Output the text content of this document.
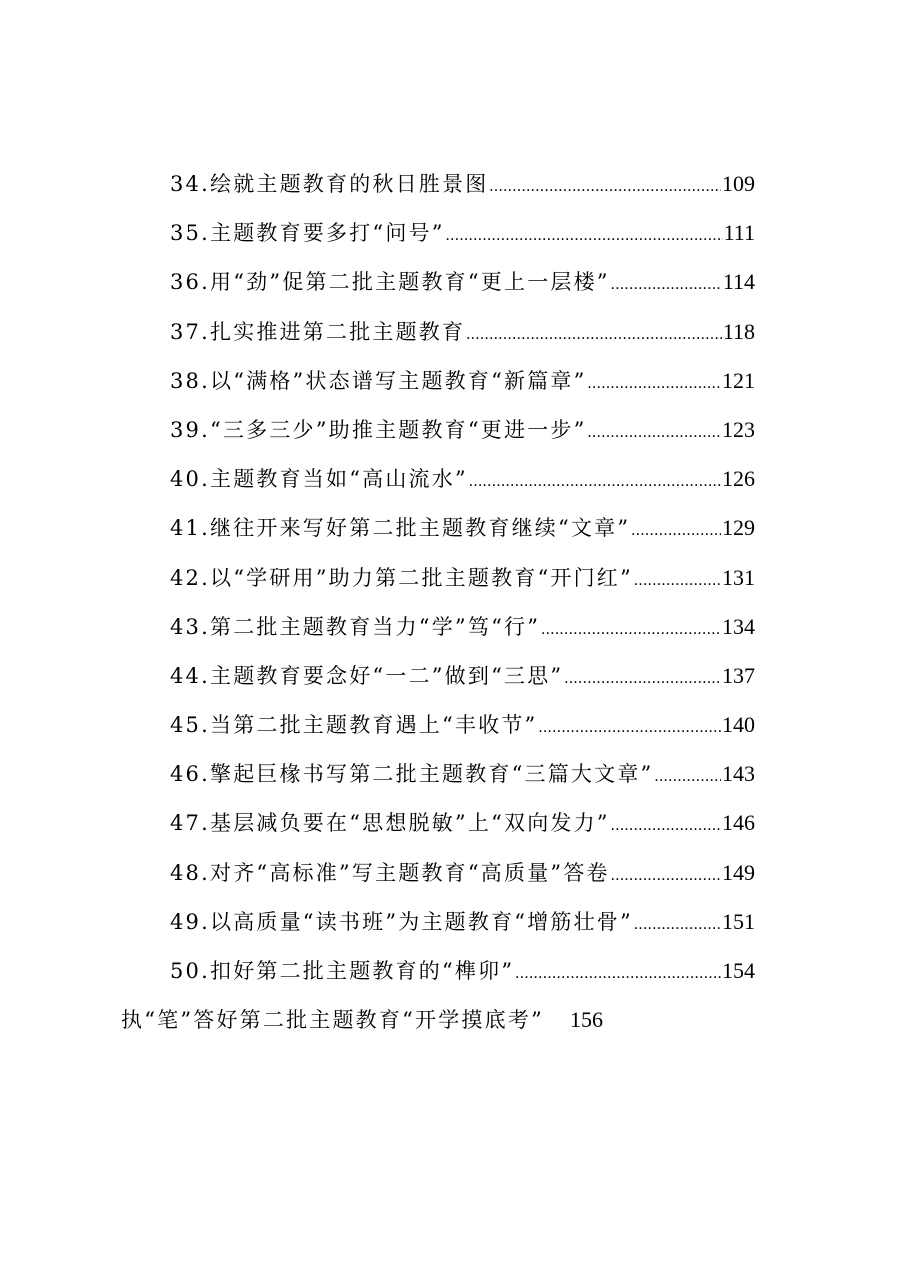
34.绘就主题教育的秋日胜景图 .....	109
35.主题教育要多打“问号” .....	111
36.用“劲”促第二批主题教育“更上一层楼” .....	114
37.扎实推进第二批主题教育 .....	118
38.以“满格”状态谱写主题教育“新篇章” .....	121
39.“三多三少”助推主题教育“更进一步” .....	123
40.主题教育当如“高山流水” .....	126
41.继往开来写好第二批主题教育继续“文章” .....	129
42.以“学研用”助力第二批主题教育“开门红” .....	131
43.第二批主题教育当力“学”笃“行” .....	134
44.主题教育要念好“一二”做到“三思” .....	137
45.当第二批主题教育遇上“丰收节” .....	140
46.擎起巨椽书写第二批主题教育“三篇大文章” .....	143
47.基层减负要在“思想脱敏”上“双向发力” .....	146
48.对齐“高标准”写主题教育“高质量”答卷 .....	149
49.以高质量“读书班”为主题教育“增筋壮骨” .....	151
50.扣好第二批主题教育的“榫卯” .....	154
执“笔”答好第二批主题教育“开学摸底考” 156
